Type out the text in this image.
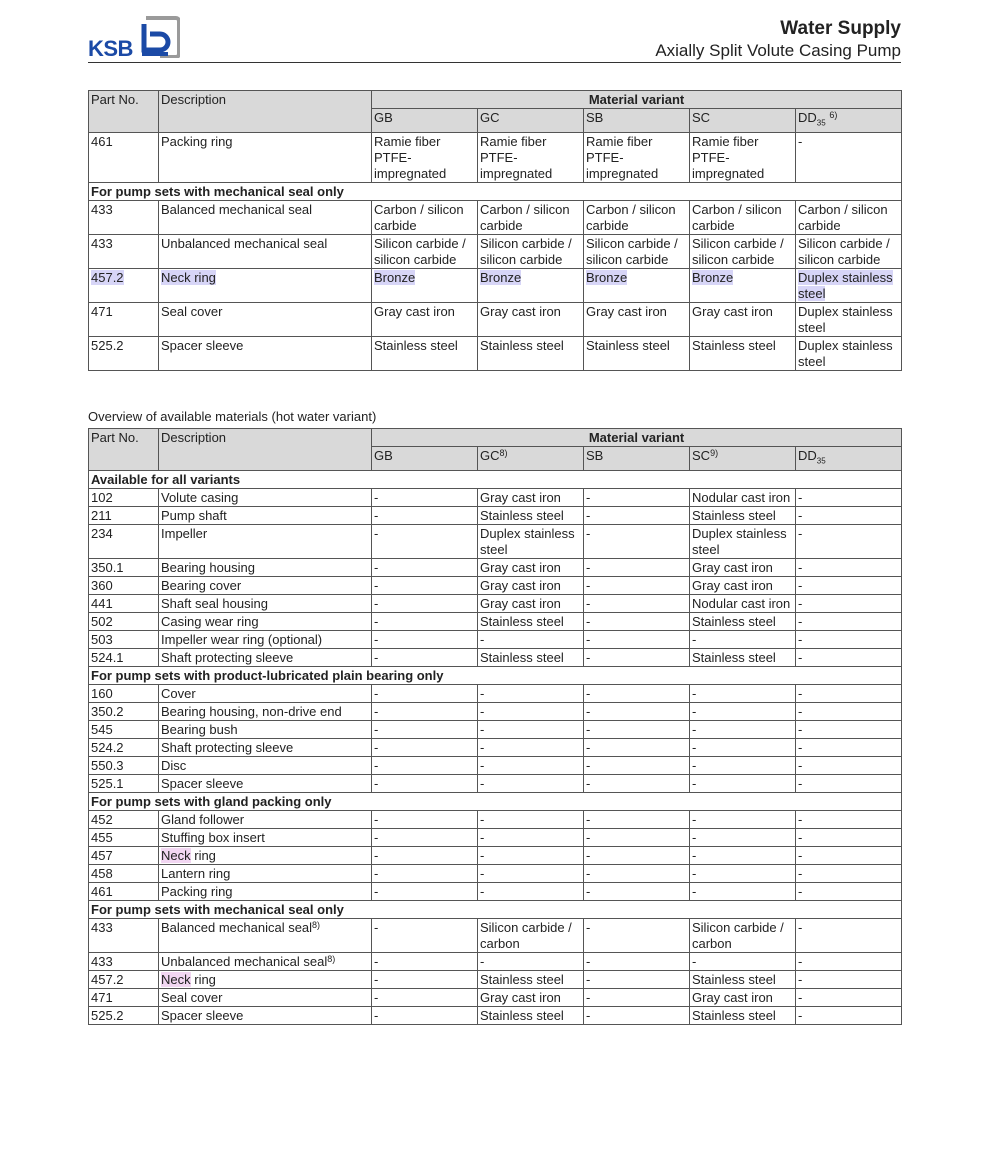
KSB
Water Supply
Axially Split Volute Casing Pump
Part No.	Description	Material variant				
		GB	GC	SB	SC	$DD_{35}$ $^{6)}$
461	Packing ring	Ramie fiber PTFE-impregnated	Ramie fiber PTFE-impregnated	Ramie fiber PTFE-impregnated	Ramie fiber PTFE-impregnated	-
For pump sets with mechanical seal only						
433	Balanced mechanical seal	Carbon / silicon carbide	Carbon / silicon carbide	Carbon / silicon carbide	Carbon / silicon carbide	Carbon / silicon carbide
433	Unbalanced mechanical seal	Silicon carbide / silicon carbide	Silicon carbide / silicon carbide	Silicon carbide / silicon carbide	Silicon carbide / silicon carbide	Silicon carbide / silicon carbide
457.2	Neck ring	Bronze	Bronze	Bronze	Bronze	Duplex stainless steel
471	Seal cover	Gray cast iron	Gray cast iron	Gray cast iron	Gray cast iron	Duplex stainless steel
525.2	Spacer sleeve	Stainless steel	Stainless steel	Stainless steel	Stainless steel	Duplex stainless steel
Overview of available materials (hot water variant)
Part No.	Description	Material variant				
		GB	GC$^{8)}$	SB	SC$^{9)}$	$DD_{35}$
Available for all variants						
102	Volute casing	-	Gray cast iron	-	Nodular cast iron	-
211	Pump shaft	-	Stainless steel	-	Stainless steel	-
234	Impeller	-	Duplex stainless steel	-	Duplex stainless steel	-
350.1	Bearing housing	-	Gray cast iron	-	Gray cast iron	-
360	Bearing cover	-	Gray cast iron	-	Gray cast iron	-
441	Shaft seal housing	-	Gray cast iron	-	Nodular cast iron	-
502	Casing wear ring	-	Stainless steel	-	Stainless steel	-
503	Impeller wear ring (optional)	-	-	-	-	-
524.1	Shaft protecting sleeve	-	Stainless steel	-	Stainless steel	-
For pump sets with product-lubricated plain bearing only						
160	Cover	-	-	-	-	-
350.2	Bearing housing, non-drive end	-	-	-	-	-
545	Bearing bush	-	-	-	-	-
524.2	Shaft protecting sleeve	-	-	-	-	-
550.3	Disc	-	-	-	-	-
525.1	Spacer sleeve	-	-	-	-	-
For pump sets with gland packing only						
452	Gland follower	-	-	-	-	-
455	Stuffing box insert	-	-	-	-	-
457	Neck ring	-	-	-	-	-
458	Lantern ring	-	-	-	-	-
461	Packing ring	-	-	-	-	-
For pump sets with mechanical seal only						
433	Balanced mechanical seal$^{8)}$	-	Silicon carbide / carbon	-	Silicon carbide / carbon	-
433	Unbalanced mechanical seal$^{8)}$	-	-	-	-	-
457.2	Neck ring	-	Stainless steel	-	Stainless steel	-
471	Seal cover	-	Gray cast iron	-	Gray cast iron	-
525.2	Spacer sleeve	-	Stainless steel	-	Stainless steel	-
